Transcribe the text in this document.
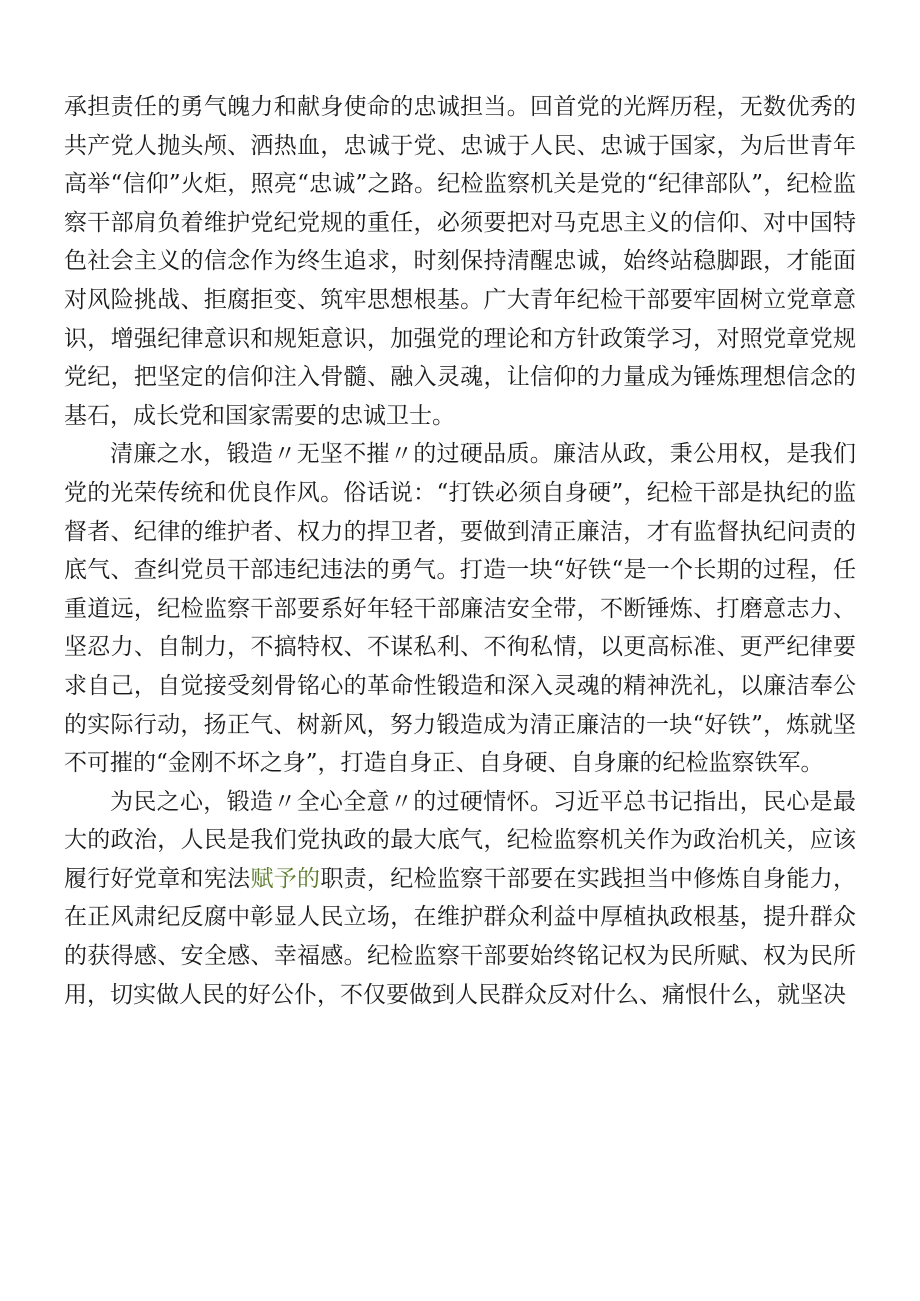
承担责任的勇气魄力和献身使命的忠诚担当。回首党的光辉历程，无数优秀的共产党人抛头颅、洒热血，忠诚于党、忠诚于人民、忠诚于国家，为后世青年高举“信仰”火炬，照亮“忠诚”之路。纪检监察机关是党的“纪律部队”，纪检监察干部肩负着维护党纪党规的重任，必须要把对马克思主义的信仰、对中国特色社会主义的信念作为终生追求，时刻保持清醒忠诚，始终站稳脚跟，才能面对风险挑战、拒腐拒变、筑牢思想根基。广大青年纪检干部要牢固树立党章意识，增强纪律意识和规矩意识，加强党的理论和方针政策学习，对照党章党规党纪，把坚定的信仰注入骨髓、融入灵魂，让信仰的力量成为锤炼理想信念的基石，成长党和国家需要的忠诚卫士。

清廉之水，锻造〃无坚不摧〃的过硬品质。廉洁从政，秉公用权，是我们党的光荣传统和优良作风。俗话说：“打铁必须自身硬”，纪检干部是执纪的监督者、纪律的维护者、权力的捍卫者，要做到清正廉洁，才有监督执纪问责的底气、查纠党员干部违纪违法的勇气。打造一块“好铁“是一个长期的过程，任重道远，纪检监察干部要系好年轻干部廉洁安全带，不断锤炼、打磨意志力、坚忍力、自制力，不搞特权、不谋私利、不徇私情，以更高标准、更严纪律要求自己，自觉接受刻骨铭心的革命性锻造和深入灵魂的精神洗礼，以廉洁奉公的实际行动，扬正气、树新风，努力锻造成为清正廉洁的一块“好铁”，炼就坚不可摧的“金刚不坏之身”，打造自身正、自身硬、自身廉的纪检监察铁军。

为民之心，锻造〃全心全意〃的过硬情怀。习近平总书记指出，民心是最大的政治，人民是我们党执政的最大底气，纪检监察机关作为政治机关，应该履行好党章和宪法赋予的职责，纪检监察干部要在实践担当中修炼自身能力，在正风肃纪反腐中彰显人民立场，在维护群众利益中厚植执政根基，提升群众的获得感、安全感、幸福感。纪检监察干部要始终铭记权为民所赋、权为民所用，切实做人民的好公仆，不仅要做到人民群众反对什么、痛恨什么，就坚决
